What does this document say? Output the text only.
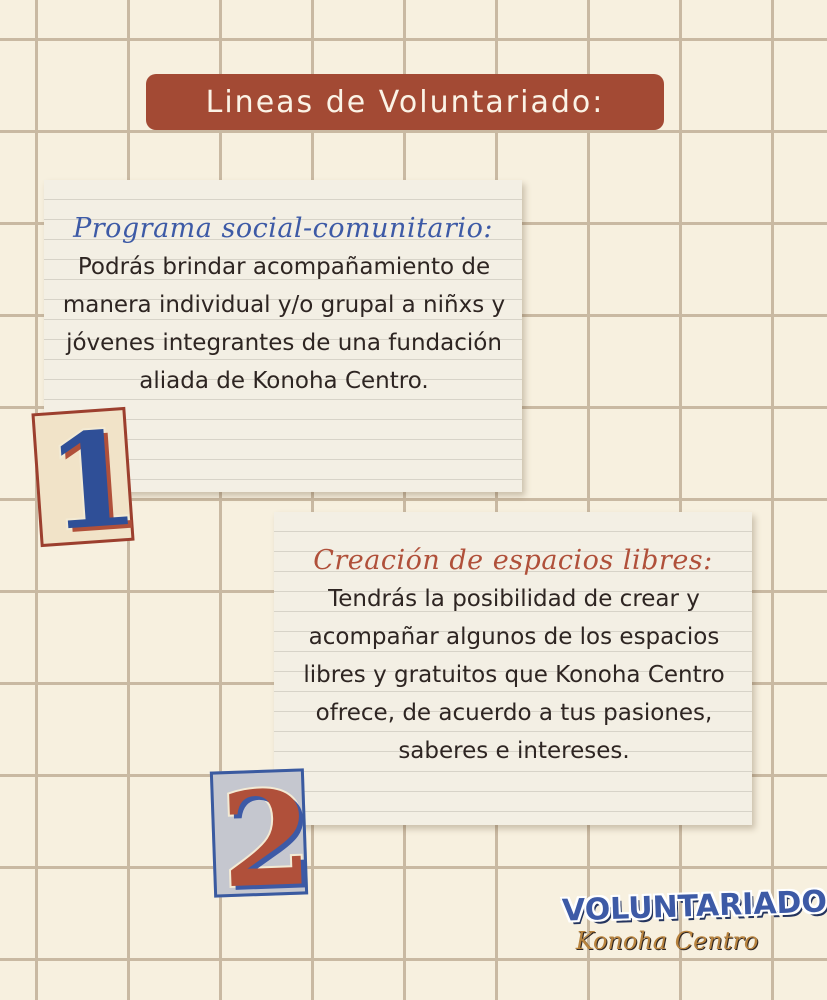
Lineas de Voluntariado:
Programa social-comunitario:
Podrás brindar acompañamiento de manera individual y/o grupal a niñxs y jóvenes integrantes de una fundación aliada de Konoha Centro.
1
Creación de espacios libres:
Tendrás la posibilidad de crear y acompañar algunos de los espacios libres y gratuitos que Konoha Centro ofrece, de acuerdo a tus pasiones, saberes e intereses.
2	VOLUNTARIADO
Konoha Centro
